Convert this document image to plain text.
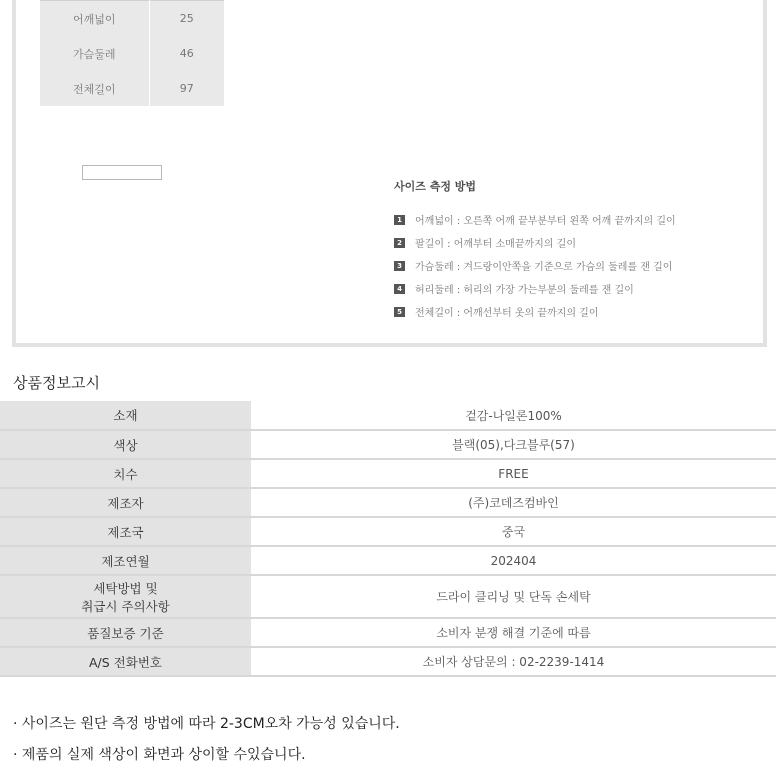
어깨넓이	25
가슴둘레	46
전체길이	97
사이즈 측정 방법
1	어깨넓이 : 오른쪽 어깨 끝부분부터 왼쪽 어깨 끝까지의 길이
2	팔길이 : 어깨부터 소매끝까지의 길이
3	가슴둘레 : 겨드랑이안쪽을 기준으로 가슴의 둘레를 잰 길이
4	허리둘레 : 허리의 가장 가는부분의 둘레를 잰 길이
5	전체길이 : 어깨선부터 옷의 끝까지의 길이
상품정보고시
소재	겉감-나일론100%
색상	블랙(05),다크블루(57)
치수	FREE
제조자	(주)코데즈컴바인
제조국	중국
제조연월	202404

세탁방법 및
취급시 주의사항	드라이 클리닝 및 단독 손세탁
품질보증 기준	소비자 분쟁 해결 기준에 따름
A/S 전화번호	소비자 상담문의 : 02-2239-1414
· 사이즈는 원단 측정 방법에 따라 2-3CM오차 가능성 있습니다.
· 제품의 실제 색상이 화면과 상이할 수있습니다.
